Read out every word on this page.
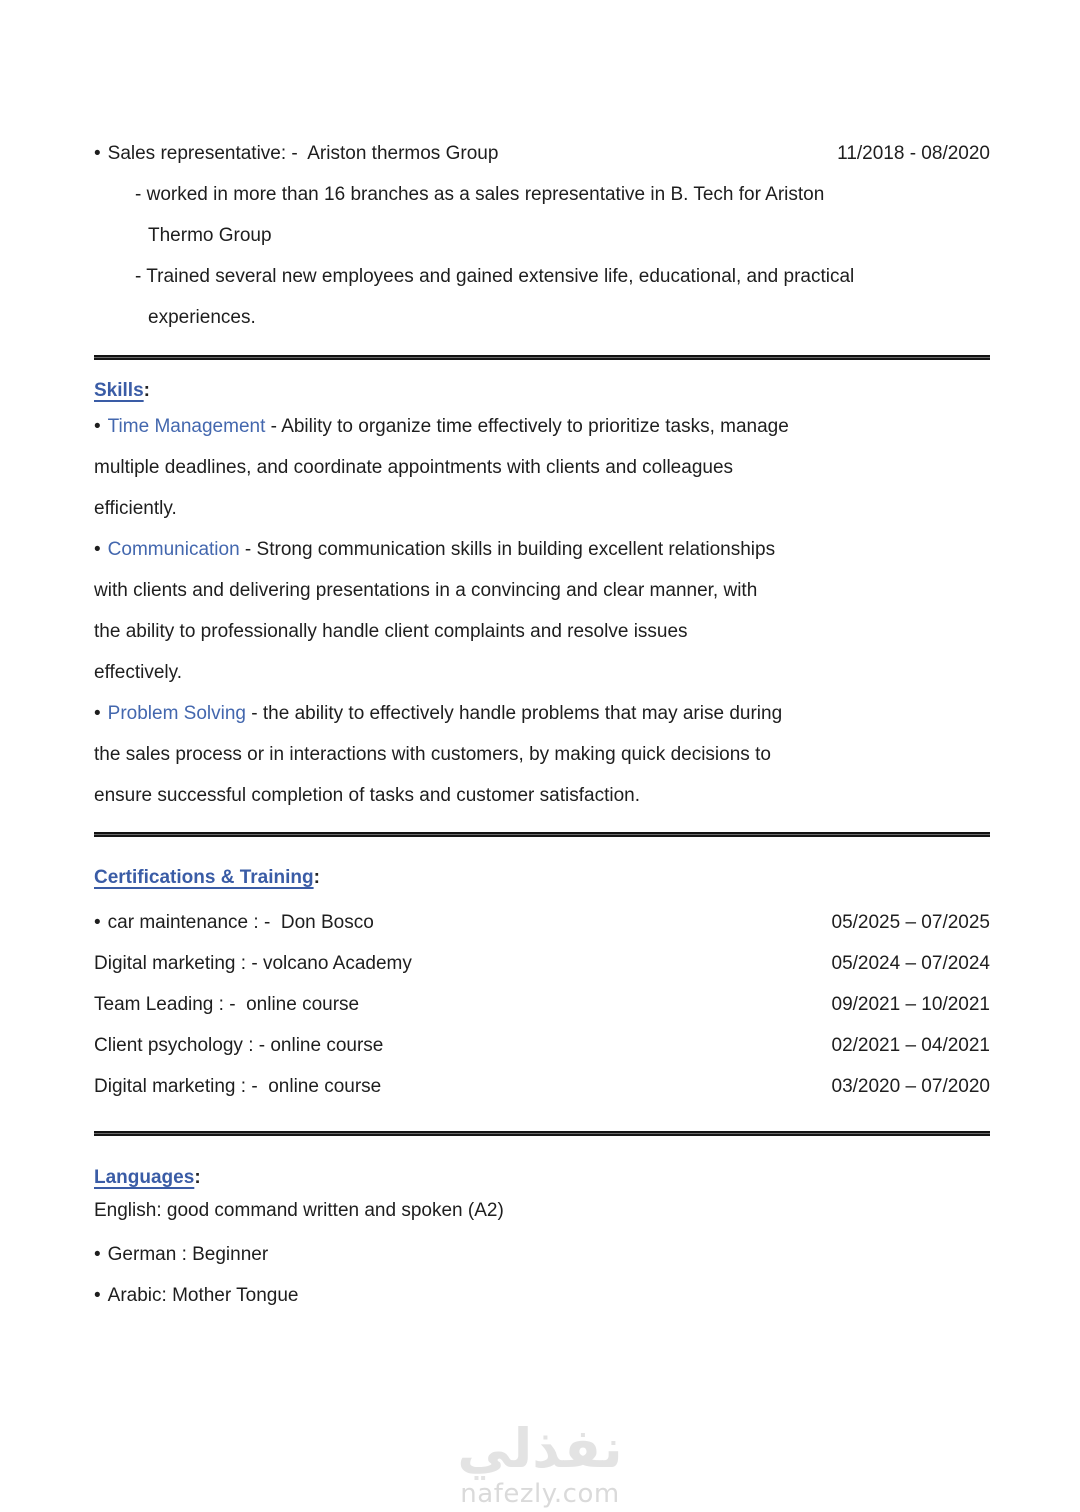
• Sales representative: -  Ariston thermos Group	11/2018 - 08/2020
- worked in more than 16 branches as a sales representative in B. Tech for Ariston
Thermo Group
- Trained several new employees and gained extensive life, educational, and practical
experiences.
Skills:
• Time Management - Ability to organize time effectively to prioritize tasks, manage
multiple deadlines, and coordinate appointments with clients and colleagues
efficiently.
• Communication - Strong communication skills in building excellent relationships
with clients and delivering presentations in a convincing and clear manner, with
the ability to professionally handle client complaints and resolve issues
effectively.
• Problem Solving - the ability to effectively handle problems that may arise during
the sales process or in interactions with customers, by making quick decisions to
ensure successful completion of tasks and customer satisfaction.
Certifications & Training:
• car maintenance : -  Don Bosco	05/2025 – 07/2025
Digital marketing : - volcano Academy	05/2024 – 07/2024
Team Leading : -  online course	09/2021 – 10/2021
Client psychology : - online course	02/2021 – 04/2021
Digital marketing : -  online course	03/2020 – 07/2020
Languages:
English: good command written and spoken (A2)
• German : Beginner
• Arabic: Mother Tongue
نفذلي
nafezly.com
